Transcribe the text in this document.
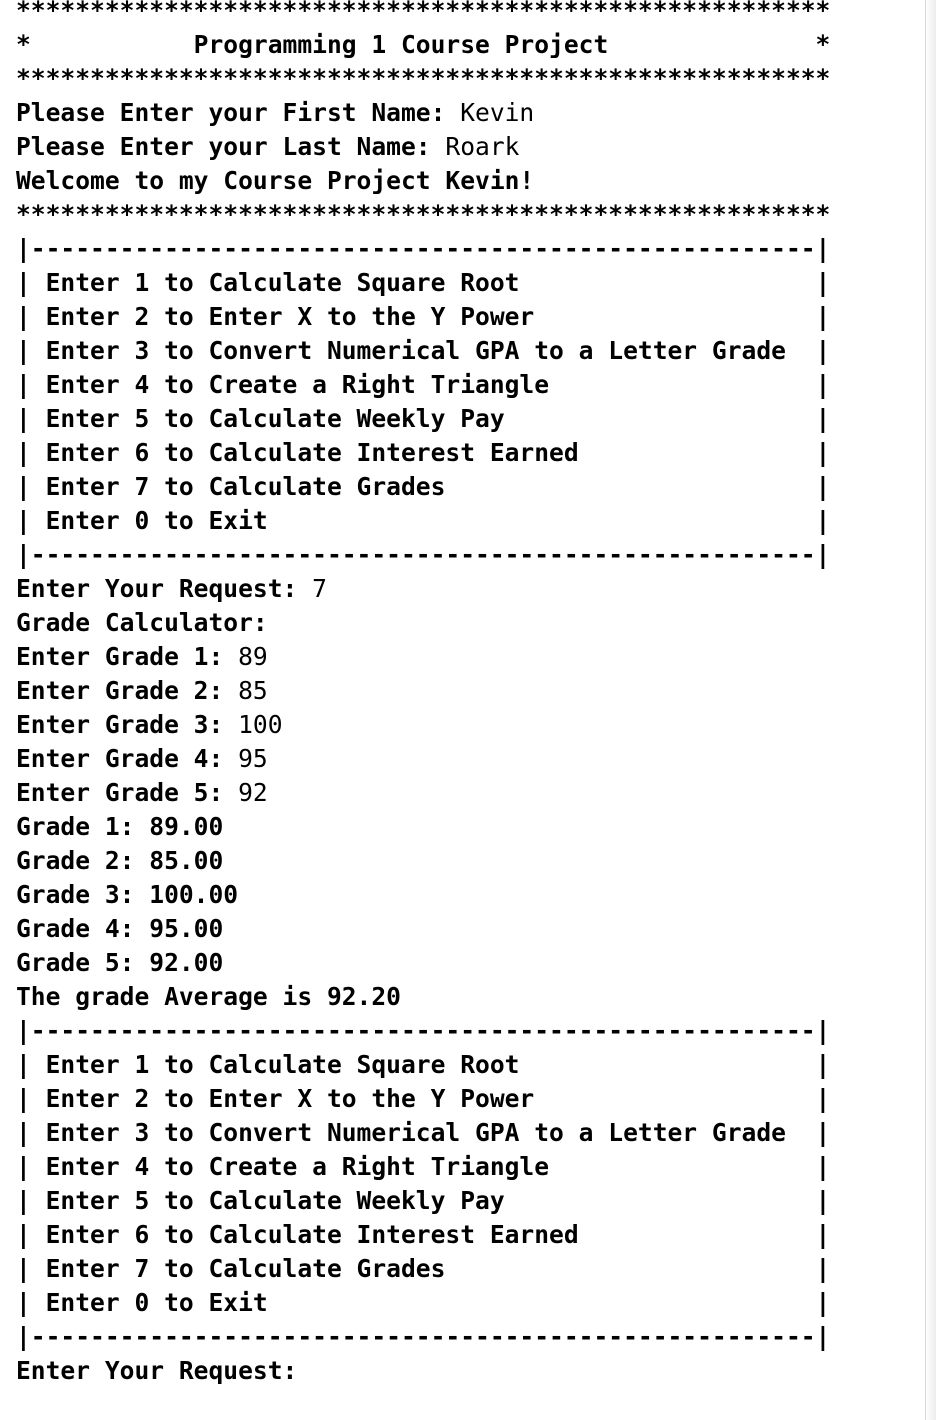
*******************************************************
*           Programming 1 Course Project              *
*******************************************************
Please Enter your First Name: Kevin
Please Enter your Last Name: Roark
Welcome to my Course Project Kevin!
*******************************************************
|-----------------------------------------------------|
| Enter 1 to Calculate Square Root                    |
| Enter 2 to Enter X to the Y Power                   |
| Enter 3 to Convert Numerical GPA to a Letter Grade  |
| Enter 4 to Create a Right Triangle                  |
| Enter 5 to Calculate Weekly Pay                     |
| Enter 6 to Calculate Interest Earned                |
| Enter 7 to Calculate Grades                         |
| Enter 0 to Exit                                     |
|-----------------------------------------------------|
Enter Your Request: 7
Grade Calculator:
Enter Grade 1: 89
Enter Grade 2: 85
Enter Grade 3: 100
Enter Grade 4: 95
Enter Grade 5: 92
Grade 1: 89.00
Grade 2: 85.00
Grade 3: 100.00
Grade 4: 95.00
Grade 5: 92.00
The grade Average is 92.20
|-----------------------------------------------------|
| Enter 1 to Calculate Square Root                    |
| Enter 2 to Enter X to the Y Power                   |
| Enter 3 to Convert Numerical GPA to a Letter Grade  |
| Enter 4 to Create a Right Triangle                  |
| Enter 5 to Calculate Weekly Pay                     |
| Enter 6 to Calculate Interest Earned                |
| Enter 7 to Calculate Grades                         |
| Enter 0 to Exit                                     |
|-----------------------------------------------------|
Enter Your Request:
